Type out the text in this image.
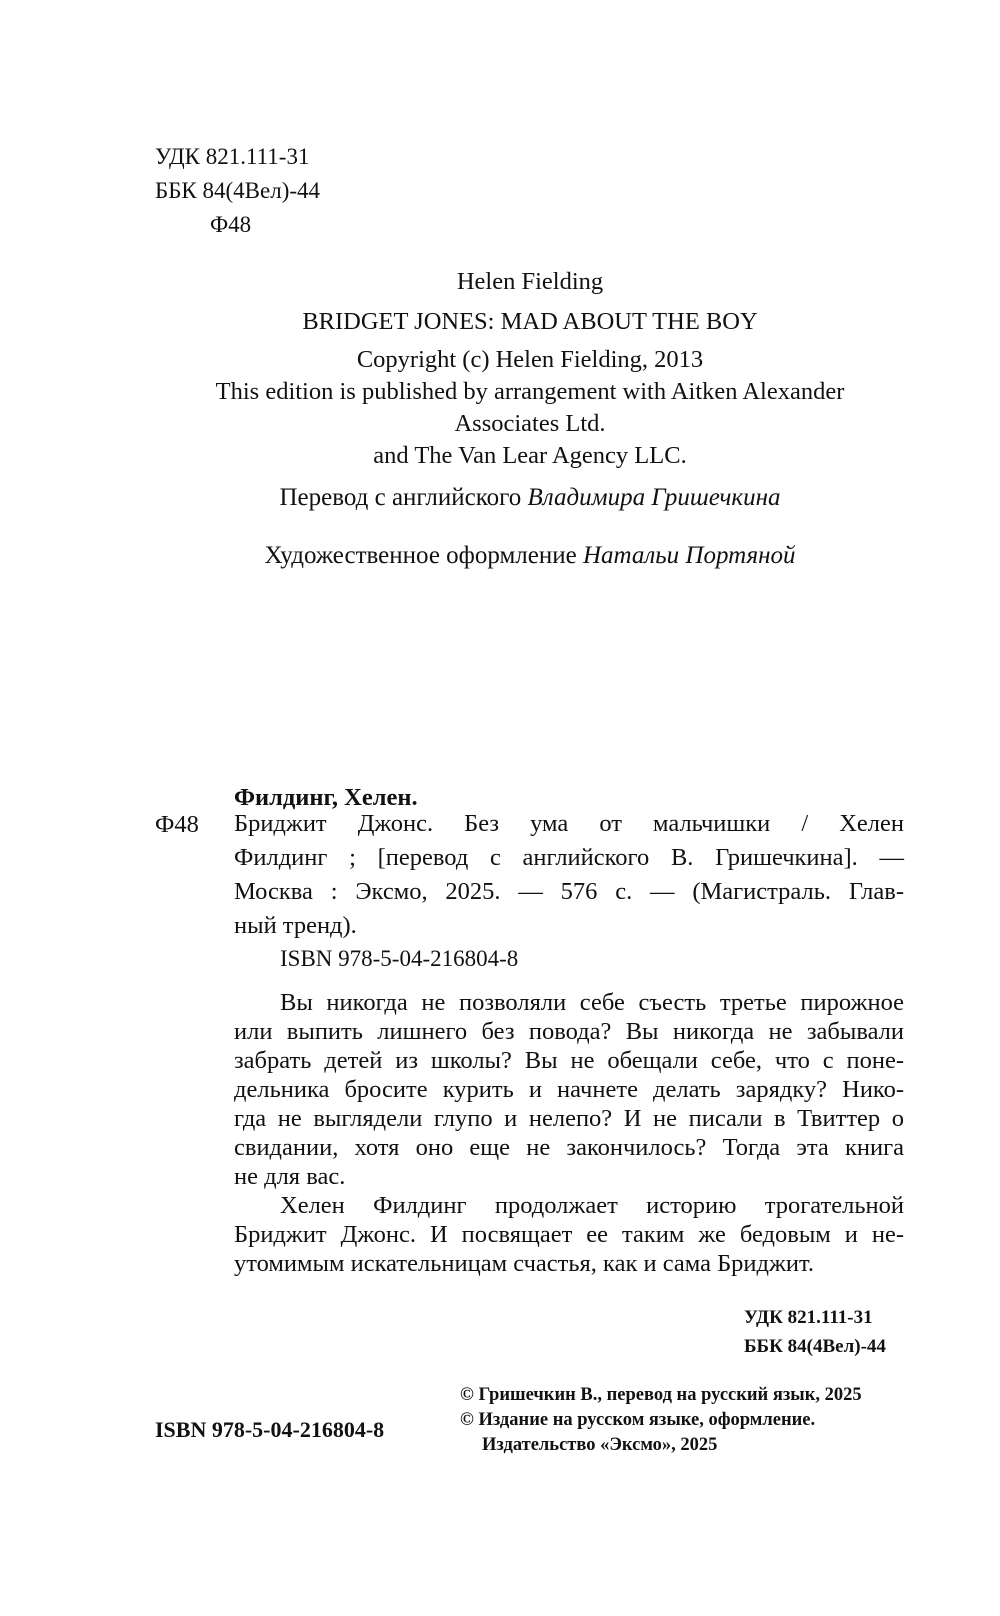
УДК 821.111-31
ББК 84(4Вел)-44
Ф48
Helen Fielding
BRIDGET JONES: MAD ABOUT THE BOY
Copyright (c) Helen Fielding, 2013
This edition is published by arrangement with Aitken Alexander
Associates Ltd.
and The Van Lear Agency LLC.
Перевод с английского Владимира Гришечкина
Художественное оформление Натальи Портяной
Филдинг, Хелен.
Ф48 Бриджит Джонс. Без ума от мальчишки / Хелен
Филдинг ; [перевод с английского В. Гришечкина]. —
Москва : Эксмо, 2025. — 576 с. — (Магистраль. Глав-
ный тренд).
ISBN 978-5-04-216804-8
Вы никогда не позволяли себе съесть третье пирожное
или выпить лишнего без повода? Вы никогда не забывали
забрать детей из школы? Вы не обещали себе, что с поне-
дельника бросите курить и начнете делать зарядку? Нико-
гда не выглядели глупо и нелепо? И не писали в Твиттер о
свидании, хотя оно еще не закончилось? Тогда эта книга
не для вас.
Хелен Филдинг продолжает историю трогательной
Бриджит Джонс. И посвящает ее таким же бедовым и не-
утомимым искательницам счастья, как и сама Бриджит.
УДК 821.111-31
ББК 84(4Вел)-44
ISBN 978-5-04-216804-8
© Гришечкин В., перевод на русский язык, 2025
© Издание на русском языке, оформление.
Издательство «Эксмо», 2025
